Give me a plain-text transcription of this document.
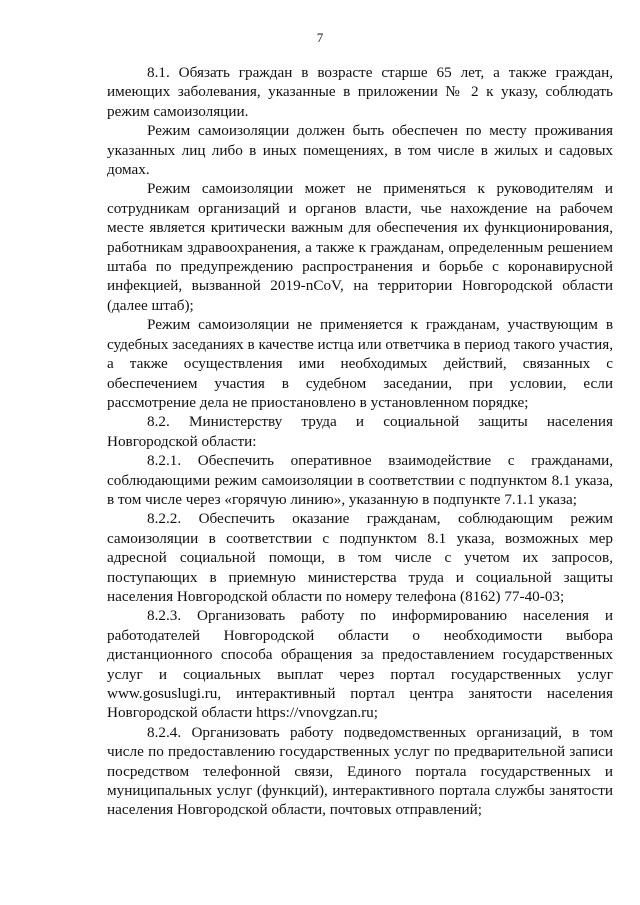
7

8.1. Обязать граждан в возрасте старше 65 лет, а также граждан, имеющих заболевания, указанные в приложении № 2 к указу, соблюдать режим самоизоляции.

Режим самоизоляции должен быть обеспечен по месту проживания указанных лиц либо в иных помещениях, в том числе в жилых и садовых домах.

Режим самоизоляции может не применяться к руководителям и сотрудникам организаций и органов власти, чье нахождение на рабочем месте является критически важным для обеспечения их функционирования, работникам здравоохранения, а также к гражданам, определенным решением штаба по предупреждению распространения и борьбе с коронавирусной инфекцией, вызванной 2019-nCoV, на территории Новгородской области (далее штаб);

Режим самоизоляции не применяется к гражданам, участвующим в судебных заседаниях в качестве истца или ответчика в период такого участия, а также осуществления ими необходимых действий, связанных с обеспечением участия в судебном заседании, при условии, если рассмотрение дела не приостановлено в установленном порядке;

8.2. Министерству труда и социальной защиты населения Новгородской области:

8.2.1. Обеспечить оперативное взаимодействие с гражданами, соблюдающими режим самоизоляции в соответствии с подпунктом 8.1 указа, в том числе через «горячую линию», указанную в подпункте 7.1.1 указа;

8.2.2. Обеспечить оказание гражданам, соблюдающим режим самоизоляции в соответствии с подпунктом 8.1 указа, возможных мер адресной социальной помощи, в том числе с учетом их запросов, поступающих в приемную министерства труда и социальной защиты населения Новгородской области по номеру телефона (8162) 77-40-03;

8.2.3. Организовать работу по информированию населения и работодателей Новгородской области о необходимости выбора дистанционного способа обращения за предоставлением государственных услуг и социальных выплат через портал государственных услуг www.gosuslugi.ru, интерактивный портал центра занятости населения Новгородской области https://vnovgzan.ru;

8.2.4. Организовать работу подведомственных организаций, в том числе по предоставлению государственных услуг по предварительной записи посредством телефонной связи, Единого портала государственных и муниципальных услуг (функций), интерактивного портала службы занятости населения Новгородской области, почтовых отправлений;
